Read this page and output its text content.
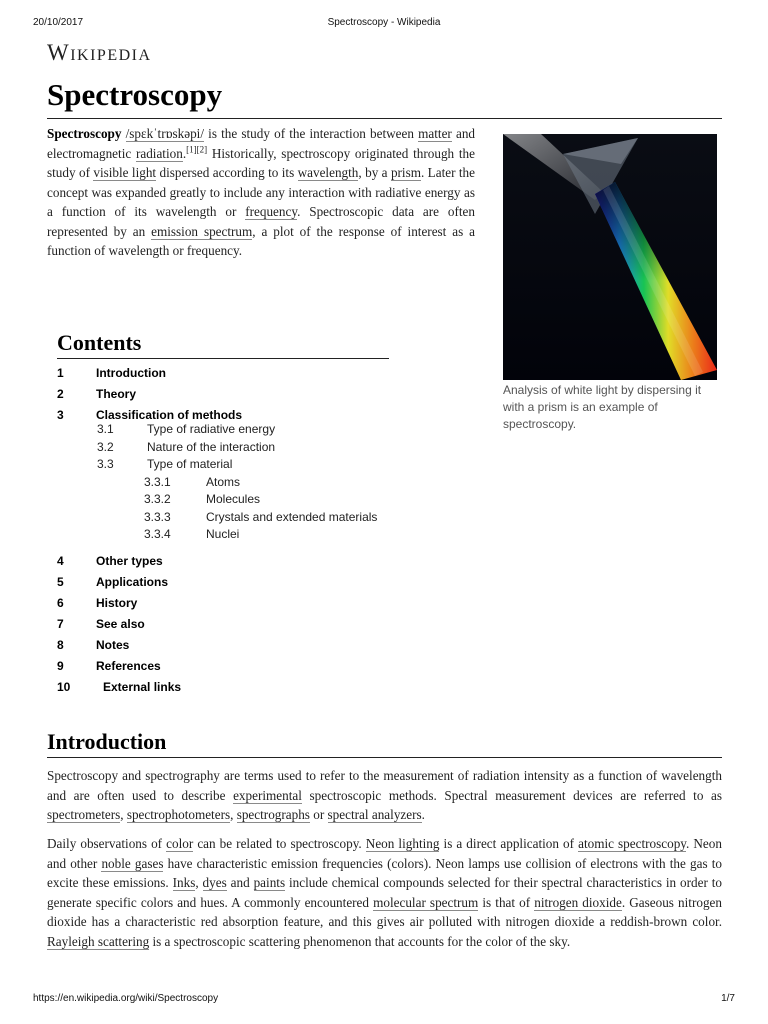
20/10/2017	Spectroscopy - Wikipedia
Wikipedia
Spectroscopy

Spectroscopy /spɛkˈtrɒskəpi/ is the study of the interaction between matter and electromagnetic radiation.[1][2] Historically, spectroscopy originated through the study of visible light dispersed according to its wavelength, by a prism. Later the concept was expanded greatly to include any interaction with radiative energy as a function of its wavelength or frequency. Spectroscopic data are often represented by an emission spectrum, a plot of the response of interest as a function of wavelength or frequency.

Analysis of white light by dispersing it with a prism is an example of spectroscopy.
Contents
1	Introduction
2	Theory
3	Classification of methods
3.1	Type of radiative energy
3.2	Nature of the interaction
3.3	Type of material
3.3.1	Atoms
3.3.2	Molecules
3.3.3	Crystals and extended materials
3.3.4	Nuclei
4	Other types
5	Applications
6	History
7	See also
8	Notes
9	References
10	External links
Introduction

Spectroscopy and spectrography are terms used to refer to the measurement of radiation intensity as a function of wavelength and are often used to describe experimental spectroscopic methods. Spectral measurement devices are referred to as spectrometers, spectrophotometers, spectrographs or spectral analyzers.

Daily observations of color can be related to spectroscopy. Neon lighting is a direct application of atomic spectroscopy. Neon and other noble gases have characteristic emission frequencies (colors). Neon lamps use collision of electrons with the gas to excite these emissions. Inks, dyes and paints include chemical compounds selected for their spectral characteristics in order to generate specific colors and hues. A commonly encountered molecular spectrum is that of nitrogen dioxide. Gaseous nitrogen dioxide has a characteristic red absorption feature, and this gives air polluted with nitrogen dioxide a reddish-brown color. Rayleigh scattering is a spectroscopic scattering phenomenon that accounts for the color of the sky.

https://en.wikipedia.org/wiki/Spectroscopy	1/7
